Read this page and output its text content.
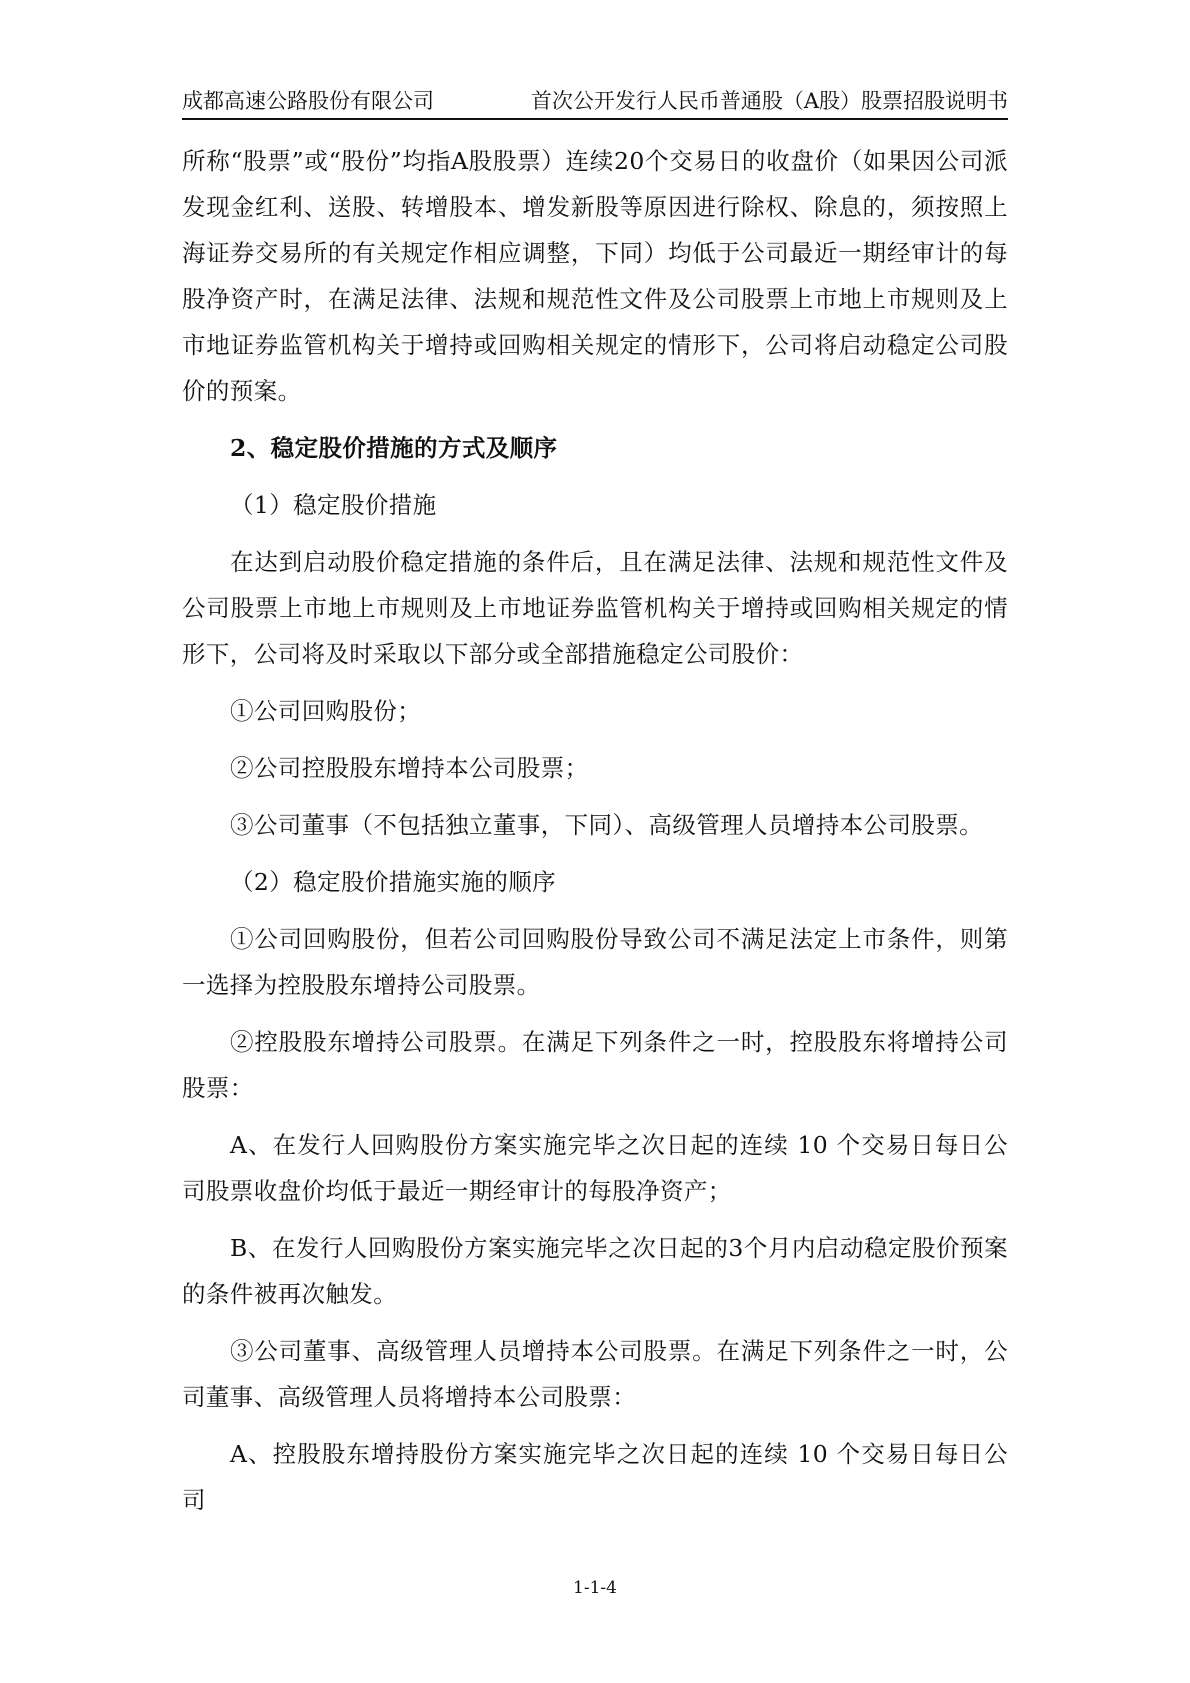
成都高速公路股份有限公司	首次公开发行人民币普通股（A股）股票招股说明书

所称“股票”或“股份”均指A股股票）连续20个交易日的收盘价（如果因公司派发现金红利、送股、转增股本、增发新股等原因进行除权、除息的，须按照上海证券交易所的有关规定作相应调整，下同）均低于公司最近一期经审计的每股净资产时，在满足法律、法规和规范性文件及公司股票上市地上市规则及上市地证券监管机构关于增持或回购相关规定的情形下，公司将启动稳定公司股价的预案。

2、稳定股价措施的方式及顺序

（1）稳定股价措施

在达到启动股价稳定措施的条件后，且在满足法律、法规和规范性文件及公司股票上市地上市规则及上市地证券监管机构关于增持或回购相关规定的情形下，公司将及时采取以下部分或全部措施稳定公司股价：

①公司回购股份；

②公司控股股东增持本公司股票；

③公司董事（不包括独立董事，下同）、高级管理人员增持本公司股票。

（2）稳定股价措施实施的顺序

①公司回购股份，但若公司回购股份导致公司不满足法定上市条件，则第一选择为控股股东增持公司股票。

②控股股东增持公司股票。在满足下列条件之一时，控股股东将增持公司股票：

A、在发行人回购股份方案实施完毕之次日起的连续 10 个交易日每日公司股票收盘价均低于最近一期经审计的每股净资产；

B、在发行人回购股份方案实施完毕之次日起的3个月内启动稳定股价预案的条件被再次触发。

③公司董事、高级管理人员增持本公司股票。在满足下列条件之一时，公司董事、高级管理人员将增持本公司股票：

A、控股股东增持股份方案实施完毕之次日起的连续 10 个交易日每日公司

1-1-4
